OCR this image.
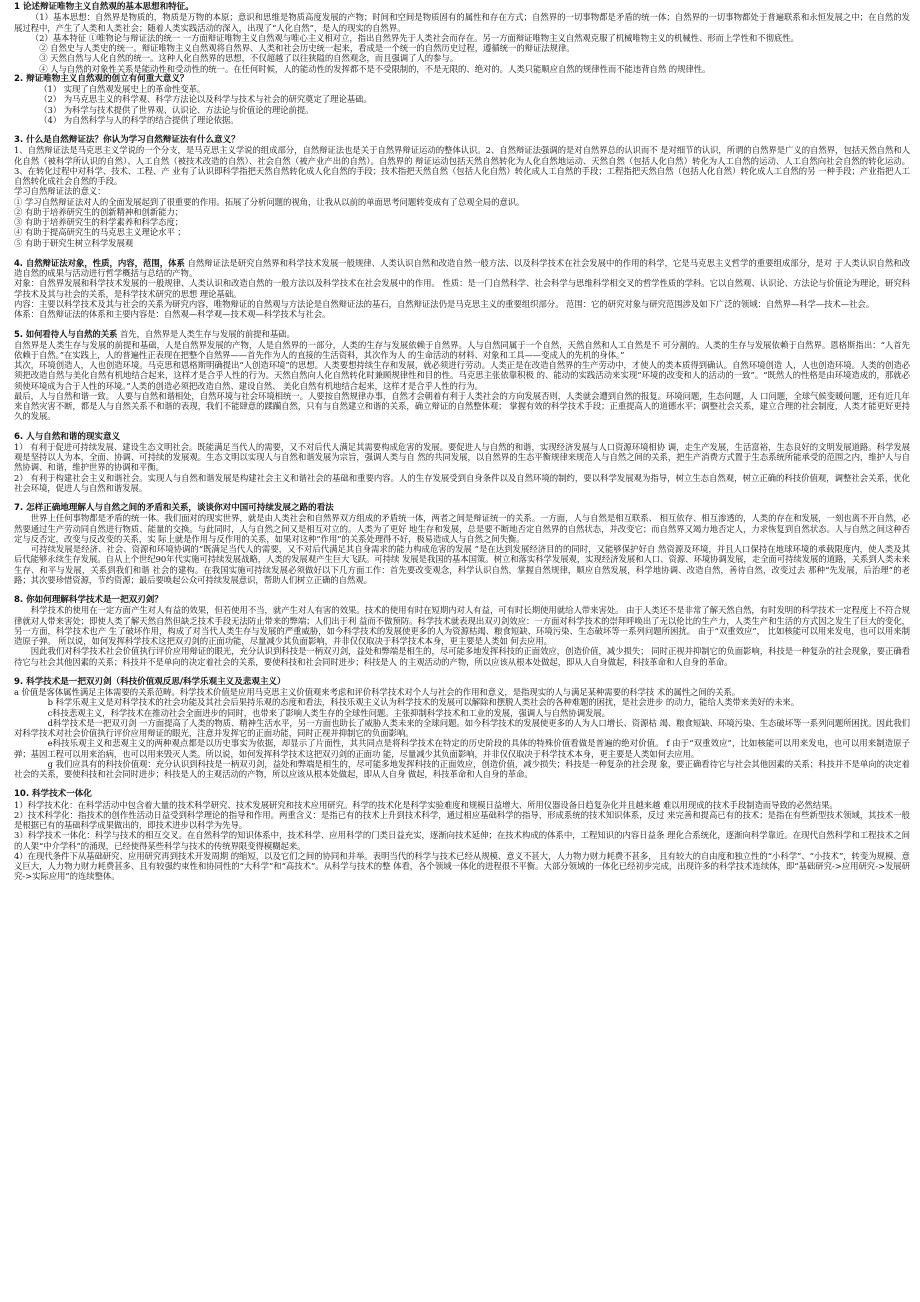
1 论述辩证唯物主义自然观的基本思想和特征。

（1）基本思想：自然界是物质的，物质是万物的本原；意识和思维是物质高度发展的产物；时间和空间是物质固有的属性和存在方式；自然界的一切事物都是矛盾的统一体；自然界的一切事物都处于普遍联系和永恒发展之中；在自然的发展过程中，产生了人类和人类社会；随着人类实践活动的深入，出现了“人化自然”，是人的现实的自然界。

（2）基本特征 ①唯物论与辩证法的统一 一方面辩证唯物主义自然观与唯心主义相对立，指出自然界先于人类社会而存在。另一方面辩证唯物主义自然观克服了机械唯物主义的机械性、形而上学性和不彻底性。

② 自然史与人类史的统一。辩证唯物主义自然观将自然界、人类和社会历史统一起来，看成是一个统一的自然历史过程，遵循统一的辩证法规律。

③ 天然自然与人化自然的统一。这种人化自然界的思想，不仅超越了以往狭隘的自然观念，而且强调了人的参与。

④ 人与自然的对象性关系是能动性和受动性的统一。在任何时候，人的能动性的发挥都不是不受限制的，不是无限的、绝对的。人类只能顺应自然的规律性而不能违背自然 的规律性。

2. 辩证唯物主义自然观的创立有何重大意义？

（1） 实现了自然观发展史上的革命性变革。

（2） 为马克思主义的科学观、科学方法论以及科学与技术与社会的研究奠定了理论基础。

（3） 为科学与技术提供了世界观、认识论、方法论与价值论的理论前提。

（4） 为自然科学与人的科学的结合提供了理论依据。

3. 什么是自然辩证法？你认为学习自然辩证法有什么意义？

1、自然辩证法是马克思主义学说的一个分支，是马克思主义学说的组成部分，自然辩证法也是关于自然界辩证运动的整体认识。2、自然辩证法强调的是对自然界总的认识而不 是对细节的认识，所谓的自然界是广义的自然界，包括天然自然和人化自然（被科学所认识的自然）、人工自然（被技术改造的自然）、社会自然（被产业产出的自然）。自然界的 辩证运动包括天然自然转化为人化自然地运动、天然自然（包括人化自然）转化为人工自然的运动、人工自然向社会自然的转化运动。3、在转化过程中对科学、技术、工程、产 业有了认识即科学指把天然自然转化成人化自然的手段；技术指把天然自然（包括人化自然）转化成人工自然的手段；工程指把天然自然（包括人化自然）转化成人工自然的另 一种手段；产业指把人工自然转化成社会自然的手段。

学习自然辩证法的意义：

① 学习自然辩证法对人的全面发展起到了很重要的作用。拓展了分析问题的视角，让我从以前的单面思考问题转变成有了总观全局的意识。

② 有助于培养研究生的创新精神和创新能力；

③ 有助于培养研究生的科学素养和科学态度；

④ 有助于提高研究生的马克思主义理论水平 ；

⑤ 有助于研究生树立科学发展观

4. 自然辩证法对象，性质，内容，范围，体系 自然辩证法是研究自然界和科学技术发展一般规律、人类认识自然和改造自然一般方法、以及科学技术在社会发展中的作用的科学，它是马克思主义哲学的重要组成部分，是对 于人类认识自然和改造自然的成果与活动进行哲学概括与总结的产物。

对象：自然界发展和科学技术发展的一般规律、人类认识和改造自然的一般方法以及科学技术在社会发展中的作用。 性质：是一门自然科学、社会科学与思维科学相交叉的哲学性质的学科。它以自然观、认识论、方法论与价值论为理论，研究科学技术及其与社会的关系，是科学技术研究的思想 理论基础。

内容：主要以科学技术及其与社会的关系为研究内容，唯物辩证的自然观与方法论是自然辩证法的基石，自然辩证法仍是马克思主义的重要组织部分。 范围：它的研究对象与研究范围涉及如下广泛的领域：自然界—科学—技术—社会。

体系：自然辩证法的体系和主要内容是：自然观—科学观—技术观—科学技术与社会。

5. 如何看待人与自然的关系 首先，自然界是人类生存与发展的前提和基础。

自然界是人类生存与发展的前提和基础，人是自然界发展的产物，人是自然界的一部分，人类的生存与发展依赖于自然界。人与自然同属于一个自然，天然自然和人工自然是不 可分割的。人类的生存与发展依赖于自然界。恩格斯指出：“人首先依赖于自然。”在实践上，人的普遍性正表现在把整个自然界——首先作为人的直接的生活资料，其次作为人 的生命活动的材料、对象和工具——变成人的先机的身体。”

其次，环境创造人，人也创造环境。马克思和恩格斯明确提出“人创造环境”的思想。人类要想持续生存和发展，就必须进行劳动。人类正是在改造自然界的生产劳动中，才使人的类本质得到确认。自然环境创造 人，人也创造环境。人类的创造必须把改造自然与美化自然有机地结合起来，这样才是合乎人性的行为。天然自然向人化自然转化时兼顾规律性和目的性。马克思主张依靠积极 的、能动的实践活动来实现“环境的改变和人的活动的一致”。“既然人的性格是由环境造成的，那就必须使环境成为合于人性的环境。”人类的创造必须把改造自然、建设自然、 美化自然有机地结合起来，这样才是合乎人性的行为。

最后，人与自然和谐一致。 人要与自然和谐相处，自然环境与社会环境相统一。人要按自然规律办事，自然才会朝着有利于人类社会的方向发展否则，人类就会遭到自然的报复。环境问题，生态问题，人 口问题，全球气候变暖问题，还有近几年来自然灾害不断，都是人与自然关系不和谐的表现，我们不能肆意的蹂躏自然，只有与自然建立和谐的关系，确立辩证的自然整体观； 掌握有效的科学技术手段；正重提高人的道德水平；调整社会关系，建立合理的社会制度，人类才能更好更持久的发展。

6. 人与自然和谐的现实意义

1） 有利于促进可持续发展、建设生态文明社会。既能满足当代人的需要，又不对后代人满足其需要构成危害的发展。要促进人与自然的和谐，实现经济发展与人口资源环境相协 调，走生产发展，生活富裕，生态良好的文明发展道路。科学发展观是坚持以人为本，全面、协调、可持续的发展观。生态文明以实现人与自然和谐发展为宗旨，强调人类与自 然的共同发展，以自然界的生态平衡规律来规范人与自然之间的关系，把生产消费方式置于生态系统所能承受的范围之内，维护人与自然协调、和谐，维护世界的协调和平衡。

2） 有利于构建社会主义和谐社会。实现人与自然和谐发展是构建社会主义和谐社会的基础和重要内容。人的生存发展受到自身条件以及自然环境的制约，要以科学发展观为指导，树立生态自然观，树立正确的科技价值观，调整社会关系，优化社会环境，促进人与自然和谐发展。

7. 怎样正确地理解人与自然之间的矛盾和关系，谈谈你对中国可持续发展之路的看法

世界上任何事物都是矛盾的统一体。我们面对的现实世界，就是由人类社会和自然界双方组成的矛盾统一体，两者之间是辩证统一的关系。一方面，人与自然是相互联系、 相互依存、相互渗透的，人类的存在和发展，一刻也离不开自然，必然要通过生产劳动同自然进行物质、能量的交换。与此同时，人与自然之间又是相互对立的。人类为了更好 地生存和发展，总是要不断地否定自然界的自然状态，并改变它；而自然界又竭力地否定人，力求恢复到自然状态。人与自然之间这种否定与反否定，改变与反改变的关系，实 际上就是作用与反作用的关系，如果对这种“作用”的关系处理得不好，极易造成人与自然之间失衡。

可持续发展是经济、社会、资源和环境协调的“既满足当代人的需要，又不对后代满足其自身需求的能力构成危害的发展 ”是在达到发展经济目的的同时，又能够保护好自 然资源及环境，并且人口保持在地球环境的承载限度内，使人类及其后代能够永续生存发展。自从上个世纪90年代实施可持续发展战略，人类的发展观产生巨大飞跃。可持续 发展是我国的基本国策。树立和落实科学发展观，实现经济发展和人口、资源、环境协调发展，走全面可持续发展的道路，关系到人类未来生存、和平与发展，关系到我们和谐 社会的建构。在我国实施可持续发展必须做好以下几方面工作：首先要改变观念，科学认识自然，掌握自然规律，顺应自然发展，科学地协调、改造自然，善待自然，改变过去 那种“先发展，后治理”的老路；其次要珍惜资源，节约资源；最后要唤起公众可持续发展意识，帮助人们树立正确的自然观。

8. 你如何理解科学技术是一把双刃剑？

科学技术的使用在一定方面产生对人有益的效果，但若使用不当，就产生对人有害的效果。技术的使用有时在短期内对人有益，可有时长期使用就给人带来害处。 由于人类还不是非常了解天然自然，有时发明的科学技术一定程度上不符合规律就对人带来害处；即使人类了解天然自然但缺乏技术手段无法防止带来的弊端；人们出于利 益而不做预防。科学技术就表现出双刃剑效应：一方面对科学技术的崇拜呼唤出了无以伦比的生产力，人类生产和生活的方式因之发生了巨大的变化，另一方面，科学技术也产 生了破坏作用，构成了对当代人类生存与发展的严重威胁，如今科学技术的发展使更多的人为资源枯竭、粮食短缺、环境污染、生态破坏等一系列问题所困扰。 由于“双重效应”， 比如核能可以用来发电，也可以用来制造原子弹。 所以说，如何发挥科学技术这把双刃剑的正面功能，尽量减少其负面影响，并非仅仅取决于科学技术本身，更主要是人类如 何去应用。

因此我们对科学技术社会价值执行评价应用辩证的眼光，充分认识到科技是一柄双刃剑，益处和弊端是相生的，尽可能多地发挥科技的正面效应，创造价值，减少损失； 同时正视并抑制它的负面影响，科技是一种复杂的社会现象，要正确看待它与社会其他因素的关系；科技并不是单向的决定着社会的关系，要使科技和社会同时进步；科技是人 的主观活动的产物，所以应该从根本处做起，即从人自身做起，科技革命和人自身的革命。

9. 科学技术是一把双刃剑（科技价值观反思/科学乐观主义及悲观主义）

a 价值是客体属性满足主体需要的关系范畴。科学技术价值是应用马克思主义价值观来考虑和评价科学技术对个人与社会的作用和意义，是指现实的人与满足某种需要的科学技 术的属性之间的关系。

b 科学乐观主义是对科学技术的社会功能及其社会后果持乐观的态度和看法，科技乐观主义认为科学技术的发展可以解除和摆脱人类社会的各种难题的困扰，是社会进步 的动力，能给人类带来美好的未来。

c科技悲观主义，科学技术在推动社会全面进步的同时，也带来了影响人类生存的全球性问题。主张抑制科学技术和工业的发展，强调人与自然协调发展。

d科学技术是一把双刃剑 一方面提高了人类的物质、精神生活水平，另一方面也助长了威胁人类未来的全球问题。如今科学技术的发展使更多的人为人口增长、资源枯 竭、粮食短缺、环境污染、生态破坏等一系列问题所困扰。因此我们对科学技术对社会价值执行评价应用辩证的眼光，注意并发挥它的正面功能，同时正视并抑制它的负面影响。

e科技乐观主义和悲观主义的两种观点都是以历史事实为依据，却显示了片面性，其共同点是将科学技术在特定的历史阶段的具体的特殊价值看做是普遍的绝对价值。 f 由于“双重效应”，比如核能可以用来发电，也可以用来制造原子弹；基因工程可以用来治病，也可以用来毁灭人类。所以说，如何发挥科学技术这把双刃剑的正面功 能，尽量减少其负面影响，并非仅仅取决于科学技术本身，更主要是人类如何去应用。

g 我们应具有的科技价值观：充分认识到科技是一柄双刃剑，益处和弊端是相生的，尽可能多地发挥科技的正面效应，创造价值，减少损失；科技是一种复杂的社会现 象，要正确看待它与社会其他因素的关系；科技并不是单向的决定着社会的关系，要使科技和社会同时进步；科技是人的主观活动的产物，所以应该从根本处做起，即从人自身 做起，科技革命和人自身的革命。

10. 科学技术一体化

1）科学技术化：在科学活动中包含着大量的技术科学研究、技术发展研究和技术应用研究。科学的技术化是科学实验难度和规模日益增大、所用仪器设备日趋复杂化并且越来越 难以用现成的技术手段制造而导致的必然结果。

2）技术科学化：指技术的创作性活动日益受到科学理论的指导和作用。两重含义：是指已有的技术上升到技术科学，通过相应基础科学的指导，形成系统的技术知识体系，反过 来完善和提高已有的技术；是指在有些新型技术领域，其技术一般是根据已有的基础科学成果做出的，即技术进步以科学为先导。

3）科学技术一体化：科学与技术的相互交叉。在自然科学的知识体系中，技术科学、应用科学的门类日益充实，逐渐向技术延伸；在技术构成的体系中，工程知识的内容日益条 理化合系统化，逐渐向科学靠近。在现代自然科学和工程技术之间的人架“中介学科”的涌现，已经使得某些科学与技术的传统界限变得模糊起来。

4）在现代条件下从基础研究、应用研究再到技术开发周期 的缩短，以及它们之间的协同和并举。表明当代的科学与技术已经从规模、意义不甚大，人力物力财力耗费不甚多， 且有较大的自由度和独立性的“小科学”、“小技术”，转变为规模、意义巨大，人力物力财力耗费甚多、且有较强约束性和协同性的“大科学”和“高技术”。从科学与技术的整 体看，各个领域一体化的进程很不平衡。大部分领域的一体化已经初步完成，出现许多的科学技术连续体，即“基础研究->应用研究->发展研究->实际应用”的连续整体。
